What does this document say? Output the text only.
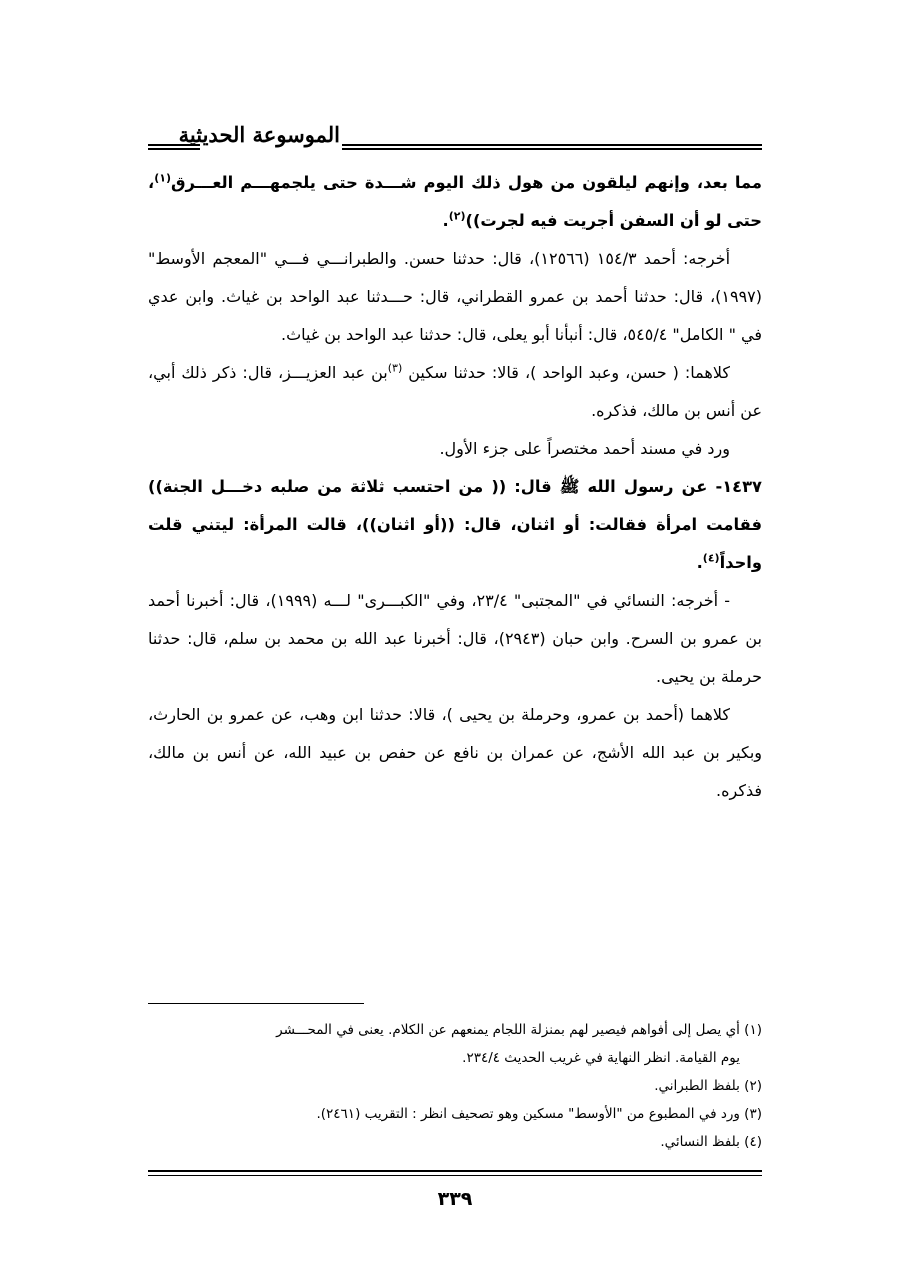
الموسوعة الحديثية

مما بعد، وإنهم ليلقون من هول ذلك اليوم شـــدة حتى يلجمهـــم العـــرق$^{(١)}$، حتى لو أن السفن أجريت فيه لجرت))$^{(٢)}$.

أخرجه: أحمد ١٥٤/٣ (١٢٥٦٦)، قال: حدثنا حسن. والطبرانـــي فـــي "المعجم الأوسط" (١٩٩٧)، قال: حدثنا أحمد بن عمرو القطراني، قال: حـــدثنا عبد الواحد بن غياث. وابن عدي في " الكامل" ٥٤٥/٤، قال: أنبأنا أبو يعلى، قال: حدثنا عبد الواحد بن غياث.

كلاهما: ( حسن، وعبد الواحد )، قالا: حدثنا سكين $^{(٣)}$بن عبد العزيـــز، قال: ذكر ذلك أبي، عن أنس بن مالك، فذكره.

ورد في مسند أحمد مختصراً على جزء الأول.

١٤٣٧- عن رسول الله ﷺ قال: (( من احتسب ثلاثة من صلبه دخـــل الجنة)) فقامت امرأة فقالت: أو اثنان، قال: ((أو اثنان))، قالت المرأة: ليتني قلت واحداً$^{(٤)}$.

- أخرجه: النسائي في "المجتبى" ٢٣/٤، وفي "الكبـــرى" لـــه (١٩٩٩)، قال: أخبرنا أحمد بن عمرو بن السرح. وابن حبان (٢٩٤٣)، قال: أخبرنا عبد الله بن محمد بن سلم، قال: حدثنا حرملة بن يحيى.

كلاهما (أحمد بن عمرو، وحرملة بن يحيى )، قالا: حدثنا ابن وهب، عن عمرو بن الحارث، وبكير بن عبد الله الأشج، عن عمران بن نافع عن حفص بن عبيد الله، عن أنس بن مالك، فذكره.

(١) أي يصل إلى أفواهم فيصير لهم بمنزلة اللجام يمنعهم عن الكلام. يعنى في المحـــشر

يوم القيامة. انظر النهاية في غريب الحديث ٢٣٤/٤.

(٢) بلفظ الطبراني.

(٣) ورد في المطبوع من "الأوسط" مسكين وهو تصحيف انظر : التقريب (٢٤٦١).

(٤) بلفظ النسائي.

٣٣٩
